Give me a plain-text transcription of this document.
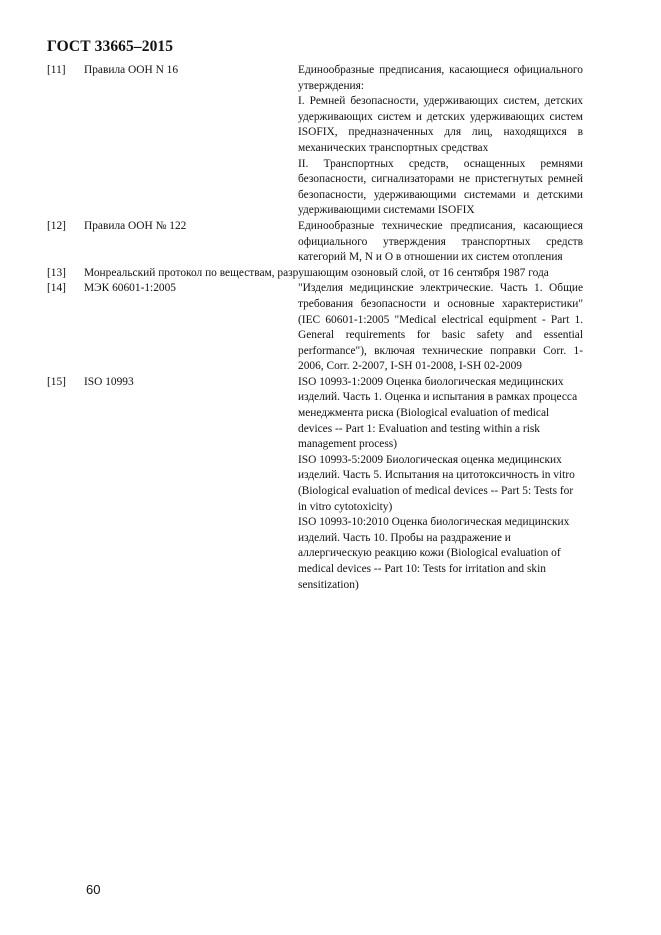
ГОСТ 33665–2015
[11]	Правила ООН N 16	Единообразные предписания, касающиеся официального утверждения:

I. Ремней безопасности, удерживающих систем, детских удерживающих систем и детских удерживающих систем ISOFIX, предназначенных для лиц, находящихся в механических транспортных средствах

II. Транспортных средств, оснащенных ремнями безопасности, сигнализаторами не пристегнутых ремней безопасности, удерживающими системами и детскими удерживающими системами ISOFIX

[12]	Правила ООН № 122	Единообразные технические предписания, касающиеся официального утверждения транспортных средств категорий M, N и O в отношении их систем отопления

[13]	Монреальский протокол по веществам, разрушающим озоновый слой, от 16 сентября 1987 года
[14]	МЭК 60601-1:2005	"Изделия медицинские электрические. Часть 1. Общие требования безопасности и основные характеристики" (IEC 60601-1:2005 "Medical electrical equipment - Part 1. General requirements for basic safety and essential performance"), включая технические поправки Corr. 1-2006, Corr. 2-2007, I-SH 01-2008, I-SH 02-2009

[15]	ISO 10993	ISO 10993-1:2009 Оценка биологическая медицинских изделий. Часть 1. Оценка и испытания в рамках процесса менеджмента риска (Biological evaluation of medical devices -- Part 1: Evaluation and testing within a risk management process)

ISO 10993-5:2009 Биологическая оценка медицинских изделий. Часть 5. Испытания на цитотоксичность in vitro (Biological evaluation of medical devices -- Part 5: Tests for in vitro cytotoxicity)

ISO 10993-10:2010 Оценка биологическая медицинских изделий. Часть 10. Пробы на раздражение и аллергическую реакцию кожи (Biological evaluation of medical devices -- Part 10: Tests for irritation and skin sensitization)

60
